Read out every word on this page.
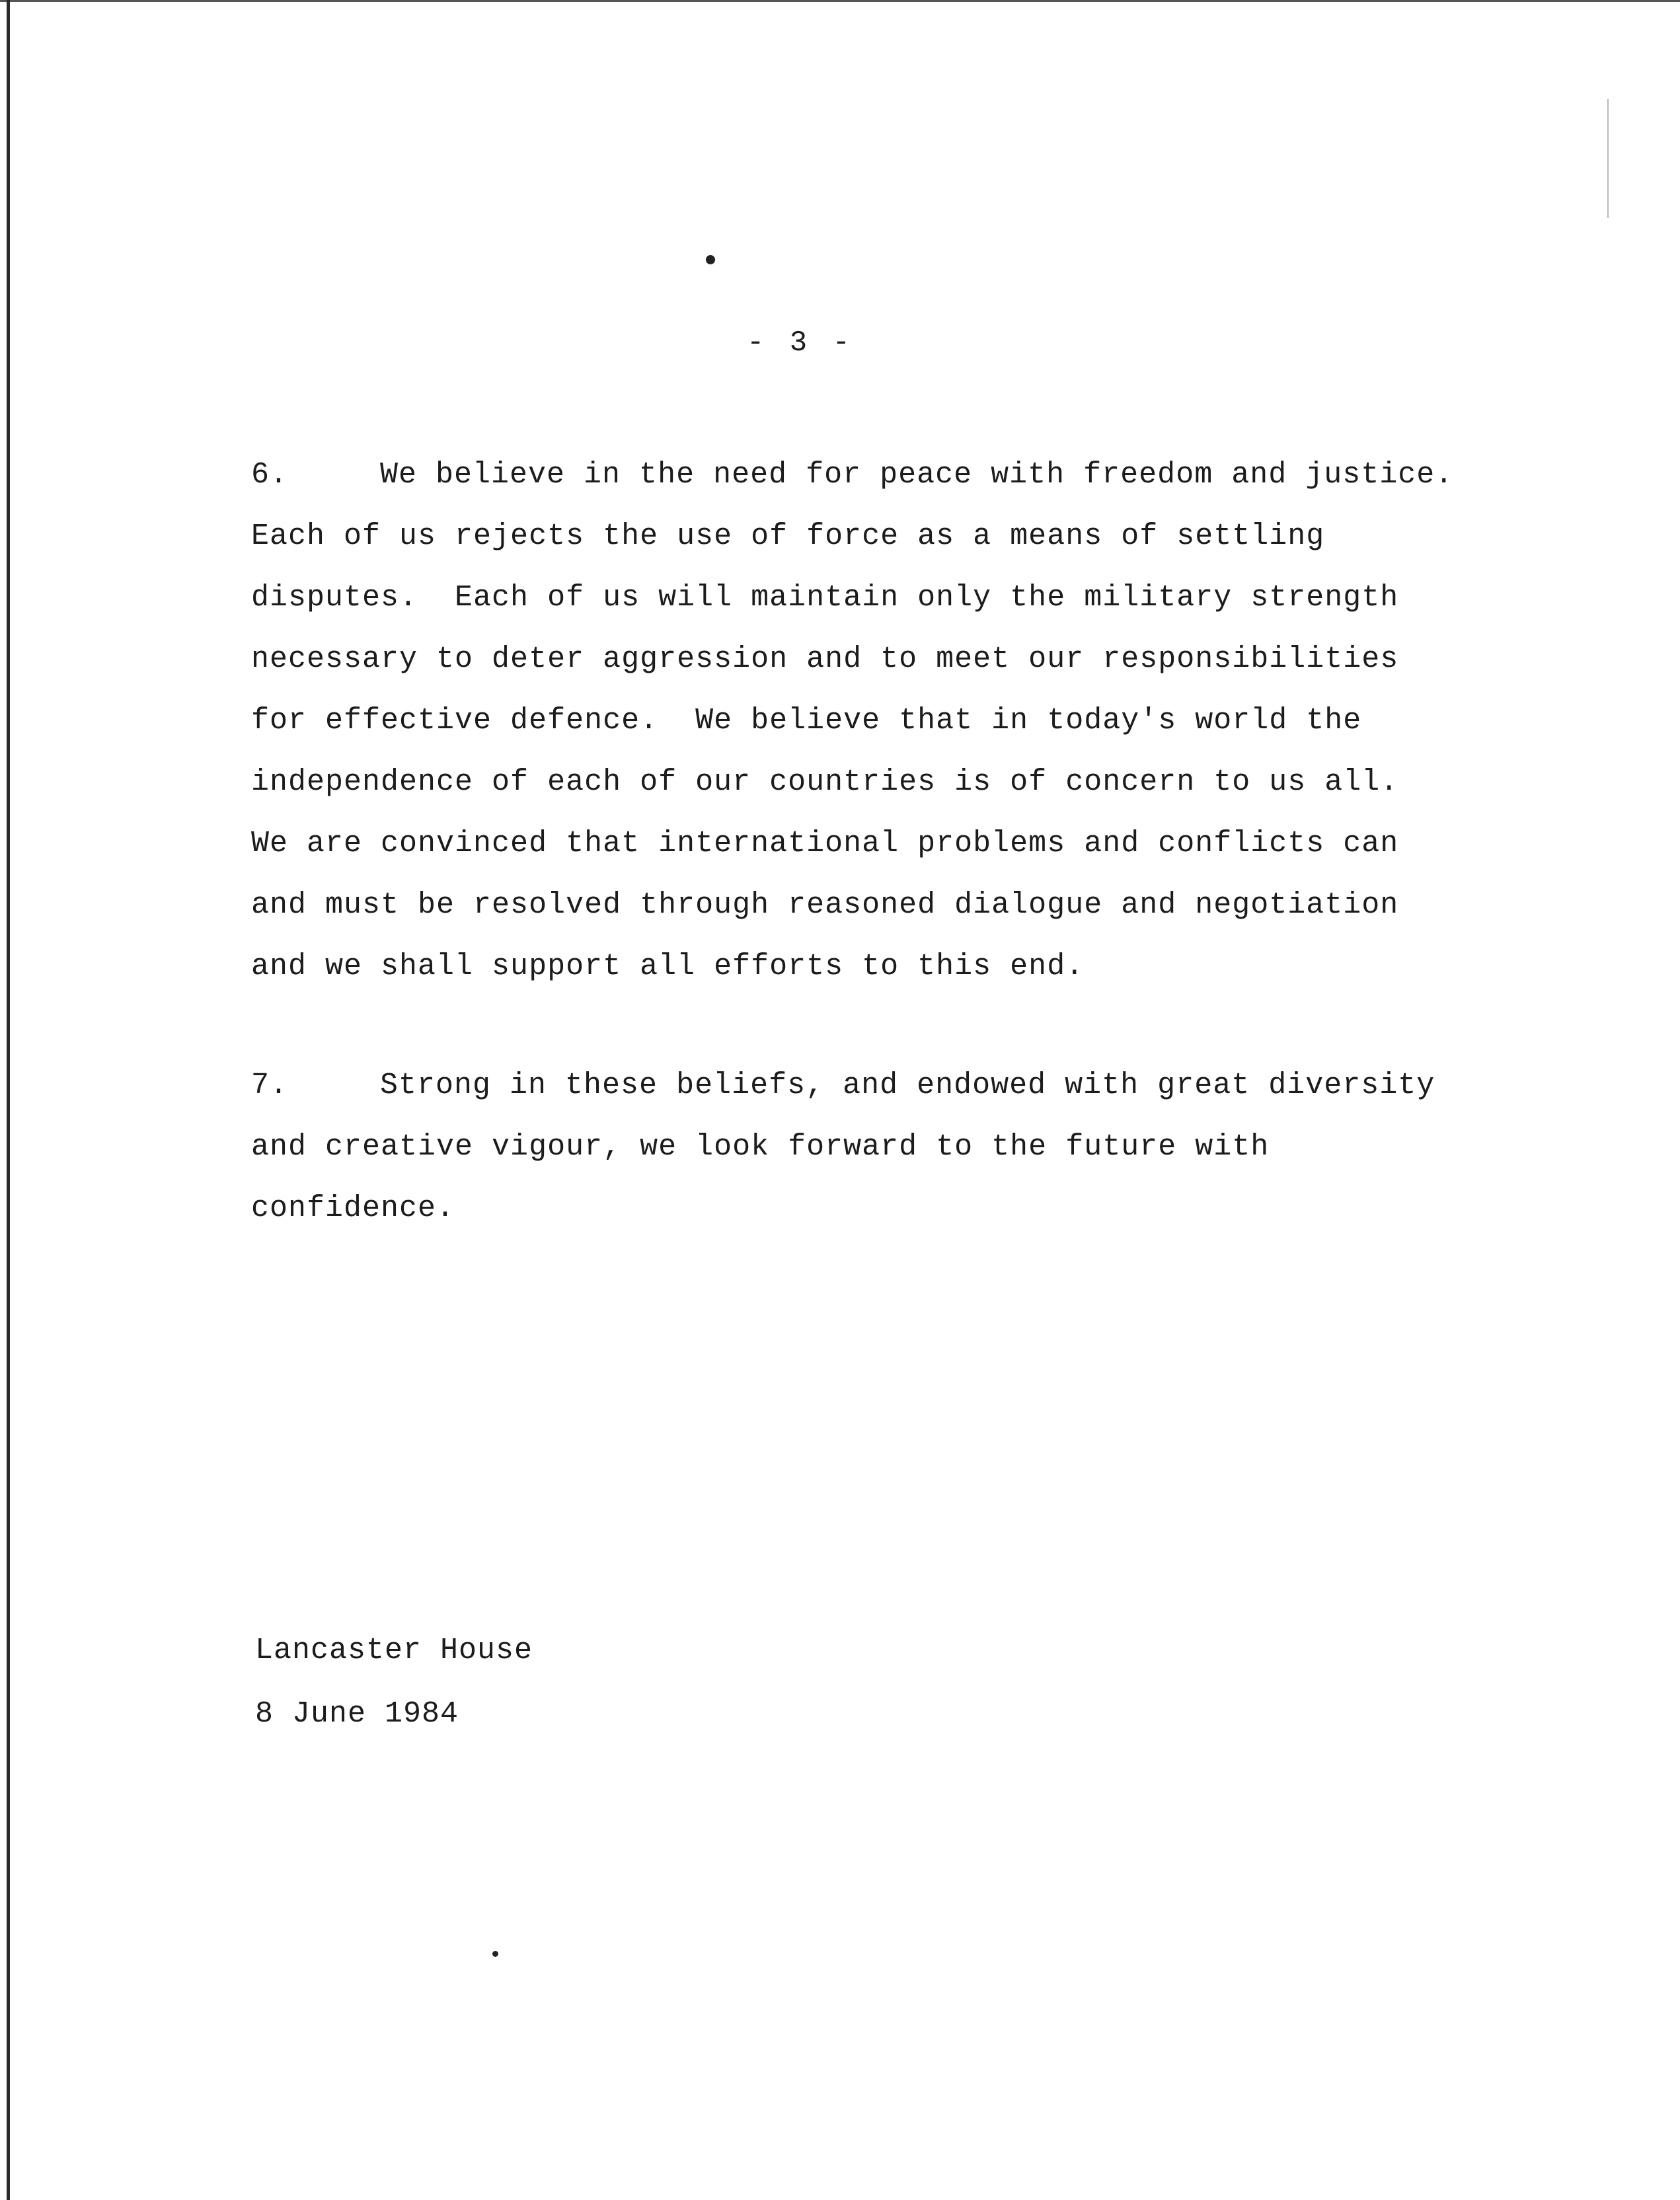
- 3 -
6.	We believe in the need for peace with freedom and justice.
Each of us rejects the use of force as a means of settling
disputes.  Each of us will maintain only the military strength
necessary to deter aggression and to meet our responsibilities
for effective defence.  We believe that in today's world the
independence of each of our countries is of concern to us all.
We are convinced that international problems and conflicts can
and must be resolved through reasoned dialogue and negotiation
and we shall support all efforts to this end.
7.	Strong in these beliefs, and endowed with great diversity
and creative vigour, we look forward to the future with
confidence.
Lancaster House
8 June 1984
